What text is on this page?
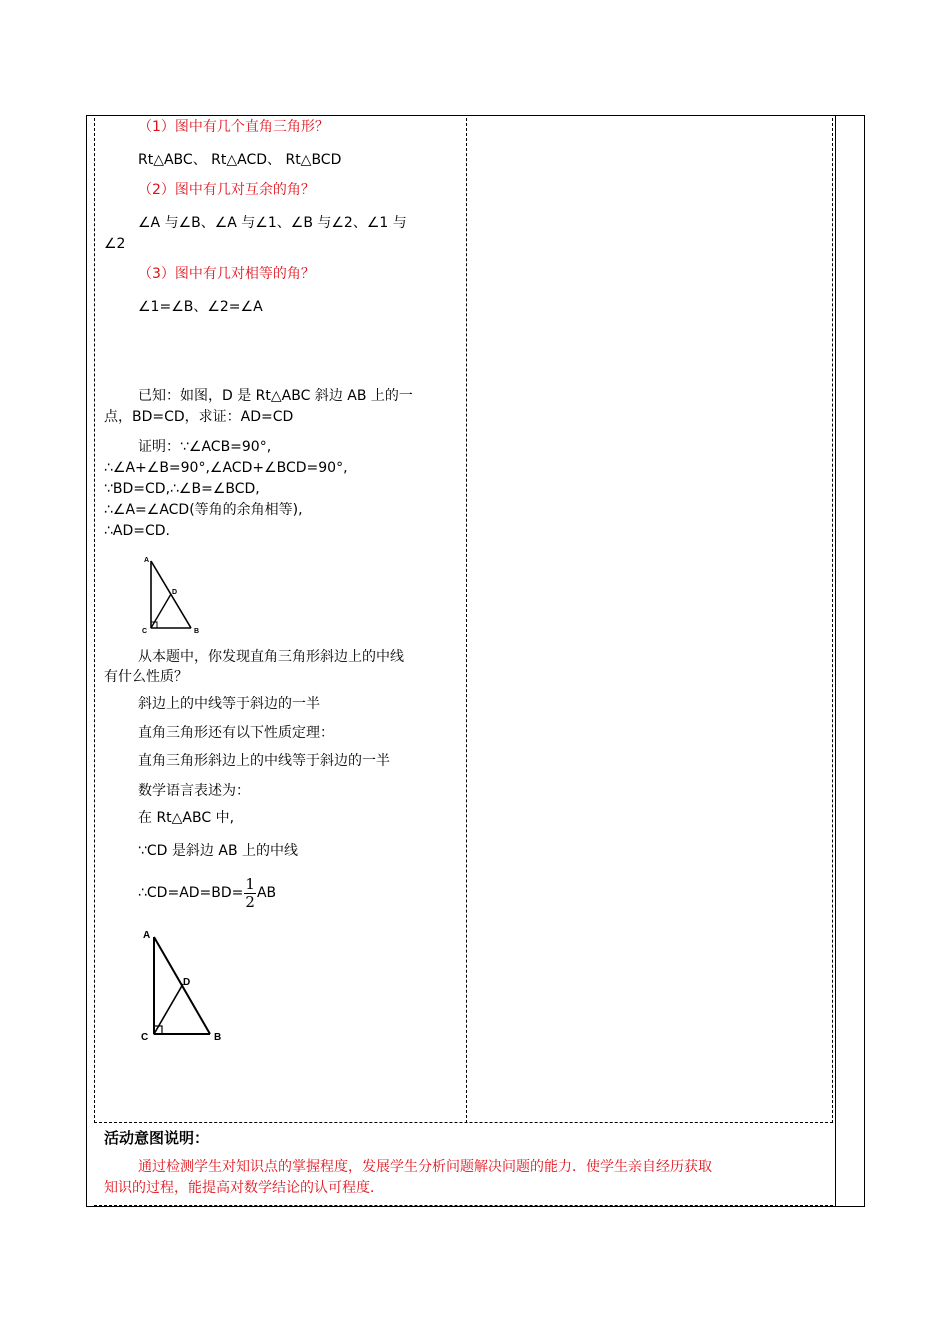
（1）图中有几个直角三角形？
Rt△ABC、 Rt△ACD、 Rt△BCD
（2）图中有几对互余的角？
∠A 与∠B、∠A 与∠1、∠B 与∠2、∠1 与
∠2
（3）图中有几对相等的角？
∠1=∠B、∠2=∠A
已知：如图，D 是 Rt△ABC 斜边 AB 上的一
点，BD=CD，求证：AD=CD
证明：∵∠ACB=90°,
∴∠A+∠B=90°,∠ACD+∠BCD=90°,
∵BD=CD,∴∠B=∠BCD,
∴∠A=∠ACD(等角的余角相等),
∴AD=CD.
A
C	B
D
从本题中，你发现直角三角形斜边上的中线
有什么性质？
斜边上的中线等于斜边的一半
直角三角形还有以下性质定理：
直角三角形斜边上的中线等于斜边的一半
数学语言表述为：
在 Rt△ABC 中,
∵CD 是斜边 AB 上的中线
∴CD=AD=BD= $\frac{1}{2}$ AB
A
C	B
D
活动意图说明：
通过检测学生对知识点的掌握程度，发展学生分析问题解决问题的能力．使学生亲自经历获取
知识的过程，能提高对数学结论的认可程度．
